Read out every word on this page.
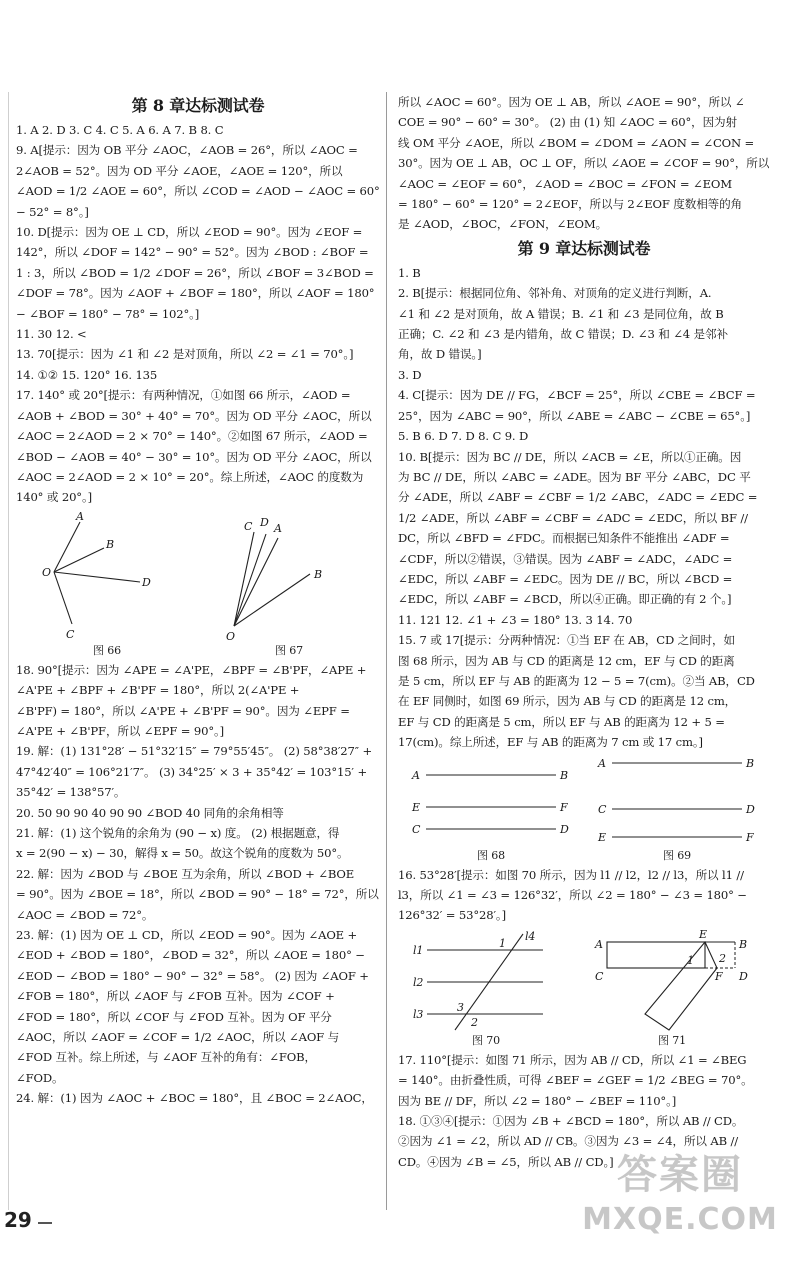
第 8 章达标测试卷
1. A 2. D 3. C 4. C 5. A 6. A 7. B 8. C
9. A[提示：因为 OB 平分 ∠AOC，∠AOB = 26°，所以 ∠AOC =
2∠AOB = 52°。因为 OD 平分 ∠AOE，∠AOE = 120°，所以
∠AOD = 1/2 ∠AOE = 60°，所以 ∠COD = ∠AOD − ∠AOC = 60°
− 52° = 8°。]
10. D[提示：因为 OE ⊥ CD，所以 ∠EOD = 90°。因为 ∠EOF =
142°，所以 ∠DOF = 142° − 90° = 52°。因为 ∠BOD : ∠BOF =
1 : 3，所以 ∠BOD = 1/2 ∠DOF = 26°，所以 ∠BOF = 3∠BOD =
∠DOF = 78°。因为 ∠AOF + ∠BOF = 180°，所以 ∠AOF = 180°
− ∠BOF = 180° − 78° = 102°。]
11. 30 12. <
13. 70[提示：因为 ∠1 和 ∠2 是对顶角，所以 ∠2 = ∠1 = 70°。]
14. ①② 15. 120° 16. 135
17. 140° 或 20°[提示：有两种情况，①如图 66 所示，∠AOD =
∠AOB + ∠BOD = 30° + 40° = 70°。因为 OD 平分 ∠AOC，所以
∠AOC = 2∠AOD = 2 × 70° = 140°。②如图 67 所示，∠AOD =
∠BOD − ∠AOB = 40° − 30° = 10°。因为 OD 平分 ∠AOC，所以
∠AOC = 2∠AOD = 2 × 10° = 20°。综上所述，∠AOC 的度数为
140° 或 20°。]
A
B
D
O
C
图 66
C D A
B
O
图 67
18. 90°[提示：因为 ∠APE = ∠A'PE，∠BPF = ∠B'PF，∠APE +
∠A'PE + ∠BPF + ∠B'PF = 180°，所以 2(∠A'PE +
∠B'PF) = 180°，所以 ∠A'PE + ∠B'PF = 90°。因为 ∠EPF =
∠A'PE + ∠B'PF，所以 ∠EPF = 90°。]
19. 解：(1) 131°28′ − 51°32′15″ = 79°55′45″。 (2) 58°38′27″ +
47°42′40″ = 106°21′7″。 (3) 34°25′ × 3 + 35°42′ = 103°15′ +
35°42′ = 138°57′。
20. 50 90 90 40 90 90 ∠BOD 40 同角的余角相等
21. 解：(1) 这个锐角的余角为 (90 − x) 度。 (2) 根据题意，得
x = 2(90 − x) − 30，解得 x = 50。故这个锐角的度数为 50°。
22. 解：因为 ∠BOD 与 ∠BOE 互为余角，所以 ∠BOD + ∠BOE
= 90°。因为 ∠BOE = 18°，所以 ∠BOD = 90° − 18° = 72°，所以
∠AOC = ∠BOD = 72°。
23. 解：(1) 因为 OE ⊥ CD，所以 ∠EOD = 90°。因为 ∠AOE +
∠EOD + ∠BOD = 180°，∠BOD = 32°，所以 ∠AOE = 180° −
∠EOD − ∠BOD = 180° − 90° − 32° = 58°。 (2) 因为 ∠AOF +
∠FOB = 180°，所以 ∠AOF 与 ∠FOB 互补。因为 ∠COF +
∠FOD = 180°，所以 ∠COF 与 ∠FOD 互补。因为 OF 平分
∠AOC，所以 ∠AOF = ∠COF = 1/2 ∠AOC，所以 ∠AOF 与
∠FOD 互补。综上所述，与 ∠AOF 互补的角有：∠FOB，
∠FOD。
24. 解：(1) 因为 ∠AOC + ∠BOC = 180°，且 ∠BOC = 2∠AOC，
所以 ∠AOC = 60°。因为 OE ⊥ AB，所以 ∠AOE = 90°，所以 ∠
COE = 90° − 60° = 30°。 (2) 由 (1) 知 ∠AOC = 60°，因为射
线 OM 平分 ∠AOE，所以 ∠BOM = ∠DOM = ∠AON = ∠CON =
30°。因为 OE ⊥ AB，OC ⊥ OF，所以 ∠AOE = ∠COF = 90°，所以
∠AOC = ∠EOF = 60°，∠AOD = ∠BOC = ∠FON = ∠EOM
= 180° − 60° = 120° = 2∠EOF，所以与 2∠EOF 度数相等的角
是 ∠AOD，∠BOC，∠FON，∠EOM。
第 9 章达标测试卷
1. B
2. B[提示：根据同位角、邻补角、对顶角的定义进行判断，A.
∠1 和 ∠2 是对顶角，故 A 错误；B. ∠1 和 ∠3 是同位角，故 B
正确；C. ∠2 和 ∠3 是内错角，故 C 错误；D. ∠3 和 ∠4 是邻补
角，故 D 错误。]
3. D
4. C[提示：因为 DE // FG，∠BCF = 25°，所以 ∠CBE = ∠BCF =
25°，因为 ∠ABC = 90°，所以 ∠ABE = ∠ABC − ∠CBE = 65°。]
5. B 6. D 7. D 8. C 9. D
10. B[提示：因为 BC // DE，所以 ∠ACB = ∠E，所以①正确。因
为 BC // DE，所以 ∠ABC = ∠ADE。因为 BF 平分 ∠ABC，DC 平
分 ∠ADE，所以 ∠ABF = ∠CBF = 1/2 ∠ABC，∠ADC = ∠EDC =
1/2 ∠ADE，所以 ∠ABF = ∠CBF = ∠ADC = ∠EDC，所以 BF //
DC，所以 ∠BFD = ∠FDC。而根据已知条件不能推出 ∠ADF =
∠CDF，所以②错误，③错误。因为 ∠ABF = ∠ADC，∠ADC =
∠EDC，所以 ∠ABF = ∠EDC。因为 DE // BC，所以 ∠BCD =
∠EDC，所以 ∠ABF = ∠BCD，所以④正确。即正确的有 2 个。]
11. 121 12. ∠1 + ∠3 = 180° 13. 3 14. 70
15. 7 或 17[提示：分两种情况：①当 EF 在 AB，CD 之间时，如
图 68 所示，因为 AB 与 CD 的距离是 12 cm，EF 与 CD 的距离
是 5 cm，所以 EF 与 AB 的距离为 12 − 5 = 7(cm)。②当 AB，CD
在 EF 同侧时，如图 69 所示，因为 AB 与 CD 的距离是 12 cm，
EF 与 CD 的距离是 5 cm，所以 EF 与 AB 的距离为 12 + 5 =
17(cm)。综上所述，EF 与 AB 的距离为 7 cm 或 17 cm。]
A	B
E	F
C	D
图 68
A	B
C	D
E	F
图 69
16. 53°28′[提示：如图 70 所示，因为 l1 // l2，l2 // l3，所以 l1 //
l3，所以 ∠1 = ∠3 = 126°32′，所以 ∠2 = 180° − ∠3 = 180° −
126°32′ = 53°28′。]
l1
l2
l3
l4
1
3
2
图 70
A	B
E
C	D
F
1 2
图 71
17. 110°[提示：如图 71 所示，因为 AB // CD，所以 ∠1 = ∠BEG
= 140°。由折叠性质，可得 ∠BEF = ∠GEF = 1/2 ∠BEG = 70°。
因为 BE // DF，所以 ∠2 = 180° − ∠BEF = 110°。]
18. ①③④[提示：①因为 ∠B + ∠BCD = 180°，所以 AB // CD。
②因为 ∠1 = ∠2，所以 AD // CB。③因为 ∠3 = ∠4，所以 AB //
CD。④因为 ∠B = ∠5，所以 AB // CD。]
29
答案圈
MXQE.COM
